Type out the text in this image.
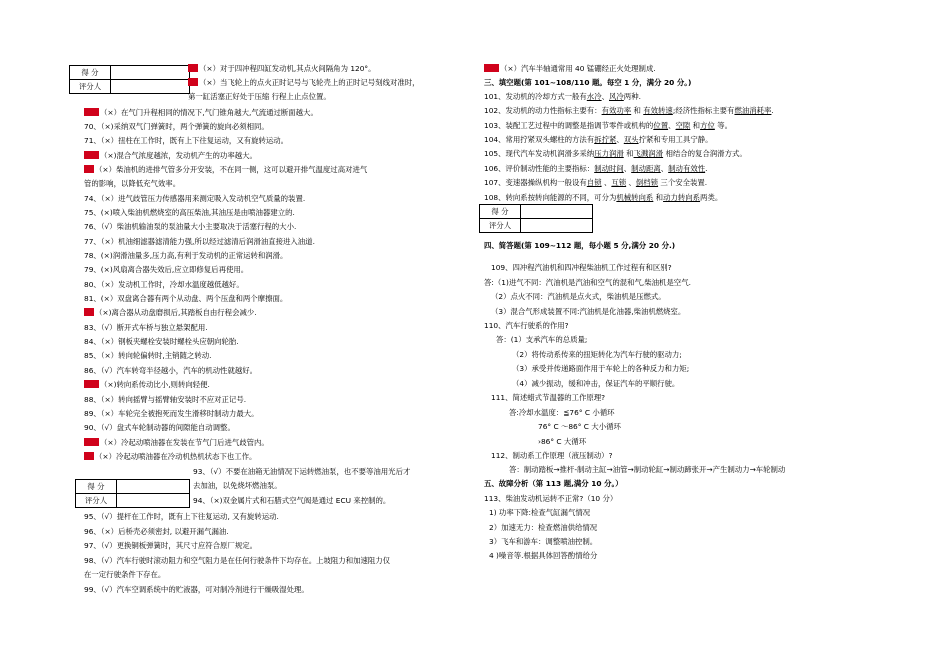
得 分	
评分人	
得 分	
评分人	
得 分	
评分人	
（×）对于四冲程四缸发动机,其点火间隔角为 120°。
（×）当飞轮上的点火正时记号与飞轮壳上的正时记号刻线对准时，
第一缸活塞正好处于压缩 行程上止点位置。
（×）在气门升程相同的情况下,气门锥角越大,气流通过断面越大。
70、（×)采纳双气门弹簧时，两个弹簧的旋向必须相同。
71、（×）扭柱在工作时，既有上下往复运动，又有旋转运动。
（×)混合气浓度越浓，发动机产生的功率越大。
（×）柴油机的进排气管多分开安装，不在同一侧，这可以避开排气温度过高对进气
管的影响，以降低充气效率。
74、（×）进气歧管压力传感器用来测定吸入发动机空气质量的装置.
75、(×)喷入柴油机燃烧室的高压柴油,其油压是由喷油器建立的.
76、（√）柴油机输油泵的泵油量大小主要取决于活塞行程的大小.
77、（×）机油细滤器滤清能力强,所以经过滤清后润滑油直接进入油道.
78、(×)润滑油量多,压力高,有利于发动机的正常运转和润滑。
79、(×)风扇离合器失效后,应立即修复后再使用。
80、（×）发动机工作时，冷却水温度越低越好。
81、(×）双盘离合器有两个从动盘、两个压盘和两个摩擦面。
（×)离合器从动盘磨损后,其踏板自由行程会减少.
83、（√）断开式车桥与独立悬架配用.
84、（×）钢板夹螺栓安装时螺栓头应朝向轮胎.
85、（×）转向轮偏转时,主销随之转动.
86、（√）汽车转弯半径越小，汽车的机动性就越好。
（×)转向系传动比小,则转向轻便.
88、（×）转向摇臂与摇臂轴安装时不应对正记号.
89、（×）车轮完全被抱死而发生滑移时制动力最大。
90、（√）盘式车轮制动器的间隙能自动调整。
（×）冷起动喷油器在发装在节气门后进气歧管内。
（×）冷起动喷油器在冷动机热机状态下也工作。
93、（√）不要在油箱无油情况下运转燃油泵，也不要等油用光后才
去加油，以免烧坏燃油泵。
94、（×)双金属片式和石腊式空气阀是通过 ECU 来控制的。
95、（√）提杆在工作时，既有上下往复运动, 又有旋转运动.
96、（×）后桥壳必须密封, 以避开漏气漏油.
97、（√）更换铜板弹簧时，其尺寸应符合原厂规定。
98、（√）汽车行驶时滚动阻力和空气阻力是在任何行驶条件下均存在。上坡阻力和加速阻力仅
在一定行驶条件下存在。
99、（√）汽车空调系统中的贮液器，可对制冷剂进行干燥吸湿处理。
（×）汽车半轴通常用 40 锰硼经正火处理制成.
三、填空题(第 101~108/110 题。每空 1 分，满分 20 分。)
101、发动机的冷却方式一般有水冷、风冷两种.
102、发动机的动力性指标主要有：有效功率 和 有效转速;经济性指标主要有燃油消耗率.
103、装配工艺过程中的调整是指调节零件或机构的位置、空隙 和方位 等。
104、常用拧紧双头螺柱的方法有拆拧紧、双头拧紧和专用工具宁静。
105、现代汽车发动机润滑多采纳压力润滑 和飞溅润滑 相结合的复合润滑方式。
106、评价制动性能的主要指标：制动时间、制动距离、制动有效性.
107、变速器操纵机构一般设有自锁 、互锁 、倒档锁 三个安全装置.
108、转向系按转向能源的不同，可分为机械转向系 和动力转向系两类。
四、简答题(第 109~112 题，每小题 5 分,满分 20 分.)
109、四冲程汽油机和四冲程柴油机工作过程有和区别?
答:（1)进气不同：汽油机是汽油和空气的混和气,柴油机是空气.
（2）点火不同：汽油机是点火式，柴油机是压燃式。
（3）混合气形成装置不同:汽油机是化油器,柴油机燃烧室。
110、汽车行驶系的作用?
答：(1）支承汽车的总质量;
（2）将传动系传来的扭矩转化为汽车行驶的驱动力;
（3）承受并传递路面作用于车轮上的各种反力和力矩;
（4）减少振动，缓和冲击，保证汽车的平顺行驶。
111、简述蜡式节温器的工作原理?
答:冷却水温度：≦76° C 小循环
76° C ～86° C 大小循环
›86° C 大循环
112、制动系工作原理（液压制动）?
答：制动踏板→推杆-制动主缸→油管→制动轮缸→制动蹄张开→产生制动力→车轮制动
五、故障分析（第 113 题,满分 10 分。）
113、柴油发动机运转不正常?（10 分）
1) 功率下降:检查气缸漏气情况
2）加速无力：检查燃油供给情况
3）飞车和游车：调整喷油控制。
4 )噪音等.根据具体回答酌情给分
